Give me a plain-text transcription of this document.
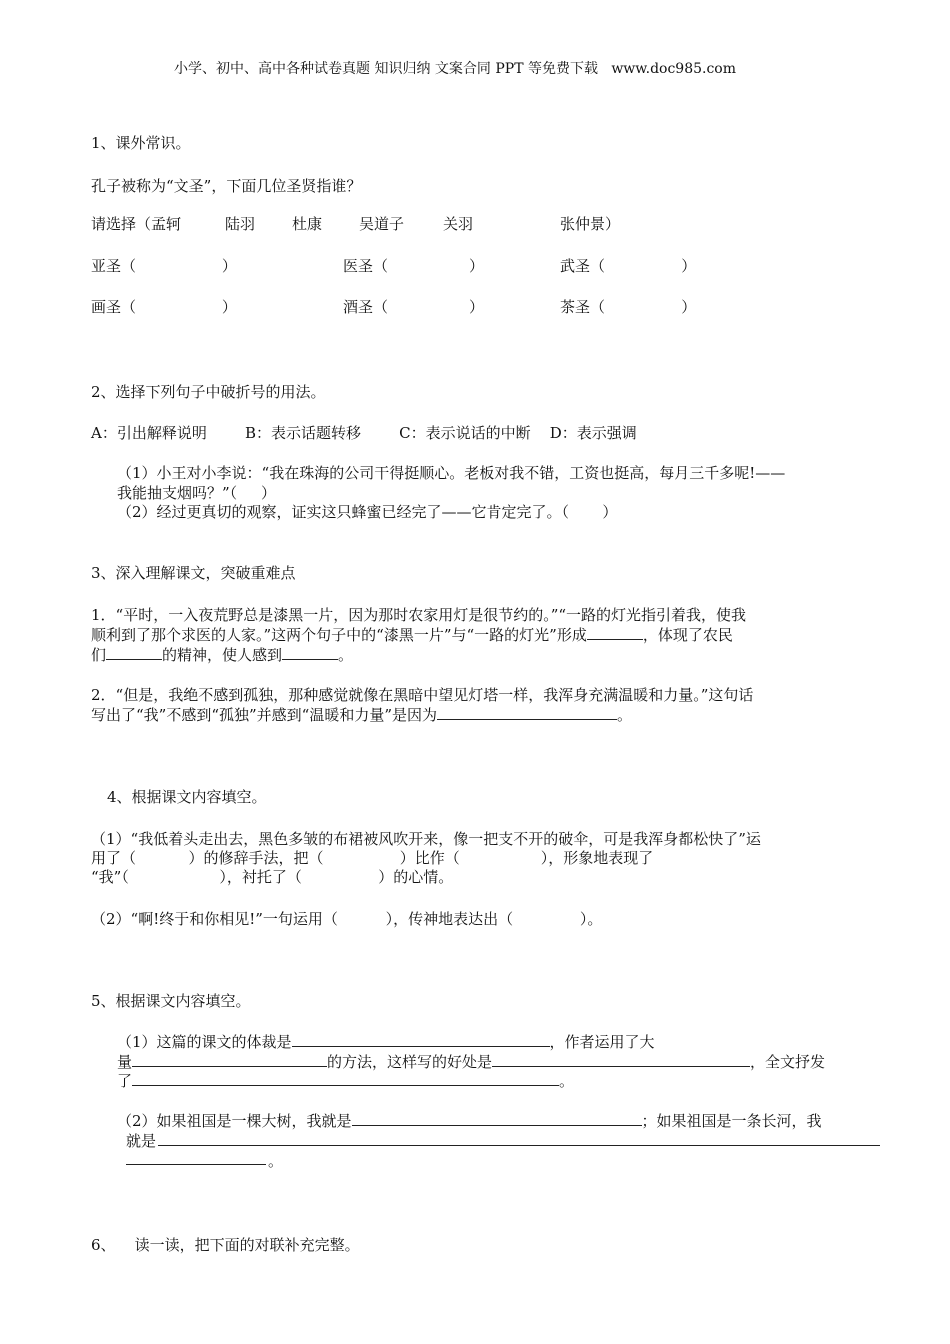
小学、初中、高中各种试卷真题 知识归纳 文案合同 PPT 等免费下载   www.doc985.com
1、课外常识。
孔子被称为“文圣”，下面几位圣贤指谁？
请选择（孟轲	陆羽 杜康 吴道子	关羽	张仲景）
亚圣（                  ）	医圣（                 ）	武圣（                ）
画圣（                  ）	酒圣（                 ）	茶圣（                ）
2、选择下列句子中破折号的用法。
A：引出解释说明        B：表示话题转移        C：表示说话的中断    D：表示强调
（1）小王对小李说：“我在珠海的公司干得挺顺心。老板对我不错，工资也挺高，每月三千多呢!——
我能抽支烟吗？”（     ）
（2）经过更真切的观察，证实这只蜂蜜已经完了——它肯定完了。（       ）
3、深入理解课文，突破重难点
1．“平时，一入夜荒野总是漆黑一片，因为那时农家用灯是很节约的。”“一路的灯光指引着我，使我
顺利到了那个求医的人家。”这两个句子中的“漆黑一片”与“一路的灯光”形成	，体现了农民
们	的精神，使人感到	。
2．“但是，我绝不感到孤独，那种感觉就像在黑暗中望见灯塔一样，我浑身充满温暖和力量。”这句话
写出了“我”不感到“孤独”并感到“温暖和力量”是因为	。
4、根据课文内容填空。
（1）“我低着头走出去，黑色多皱的布裙被风吹开来，像一把支不开的破伞，可是我浑身都松快了”运
用了（           ）的修辞手法，把（                ）比作（                 ），形象地表现了
“我”（                   ），衬托了（                ）的心情。
（2）“啊!终于和你相见!”一句运用（          ），传神地表达出（              ）。
5、根据课文内容填空。
（1）这篇的课文的体裁是	，作者运用了大
量	的方法，这样写的好处是	，全文抒发
了	。
（2）如果祖国是一棵大树，我就是	；如果祖国是一条长河，我
就是
。
6、    读一读，把下面的对联补充完整。
